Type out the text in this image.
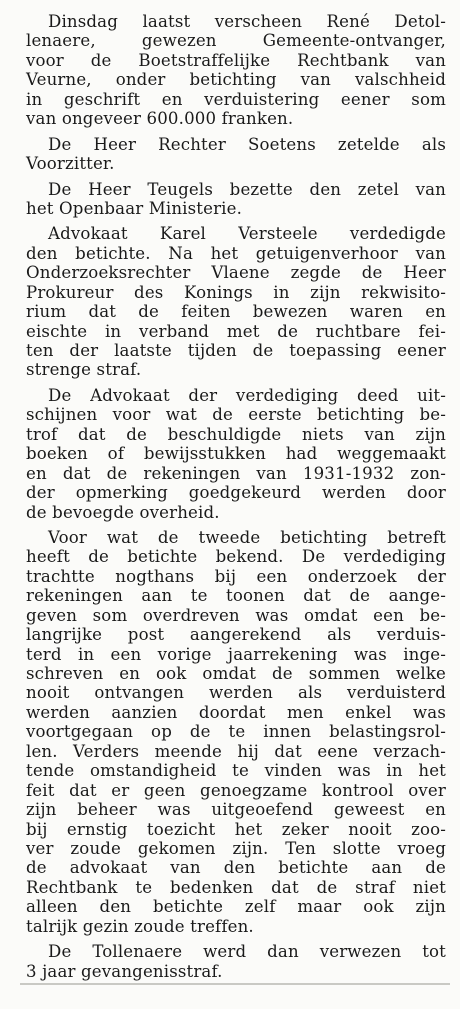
Dinsdag laatst verscheen René Detol-
lenaere, gewezen Gemeente-ontvanger,
voor de Boetstraffelijke Rechtbank van
Veurne, onder betichting van valschheid
in geschrift en verduistering eener som
van ongeveer 600.000 franken.
De Heer Rechter Soetens zetelde als
Voorzitter.
De Heer Teugels bezette den zetel van
het Openbaar Ministerie.
Advokaat Karel Versteele verdedigde
den betichte. Na het getuigenverhoor van
Onderzoeksrechter Vlaene zegde de Heer
Prokureur des Konings in zijn rekwisito-
rium dat de feiten bewezen waren en
eischte in verband met de ruchtbare fei-
ten der laatste tijden de toepassing eener
strenge straf.
De Advokaat der verdediging deed uit-
schijnen voor wat de eerste betichting be-
trof dat de beschuldigde niets van zijn
boeken of bewijsstukken had weggemaakt
en dat de rekeningen van 1931-1932 zon-
der opmerking goedgekeurd werden door
de bevoegde overheid.
Voor wat de tweede betichting betreft
heeft de betichte bekend. De verdediging
trachtte nogthans bij een onderzoek der
rekeningen aan te toonen dat de aange-
geven som overdreven was omdat een be-
langrijke post aangerekend als verduis-
terd in een vorige jaarrekening was inge-
schreven en ook omdat de sommen welke
nooit ontvangen werden als verduisterd
werden aanzien doordat men enkel was
voortgegaan op de te innen belastingsrol-
len. Verders meende hij dat eene verzach-
tende omstandigheid te vinden was in het
feit dat er geen genoegzame kontrool over
zijn beheer was uitgeoefend geweest en
bij ernstig toezicht het zeker nooit zoo-
ver zoude gekomen zijn. Ten slotte vroeg
de advokaat van den betichte aan de
Rechtbank te bedenken dat de straf niet
alleen den betichte zelf maar ook zijn
talrijk gezin zoude treffen.
De Tollenaere werd dan verwezen tot
3 jaar gevangenisstraf.
